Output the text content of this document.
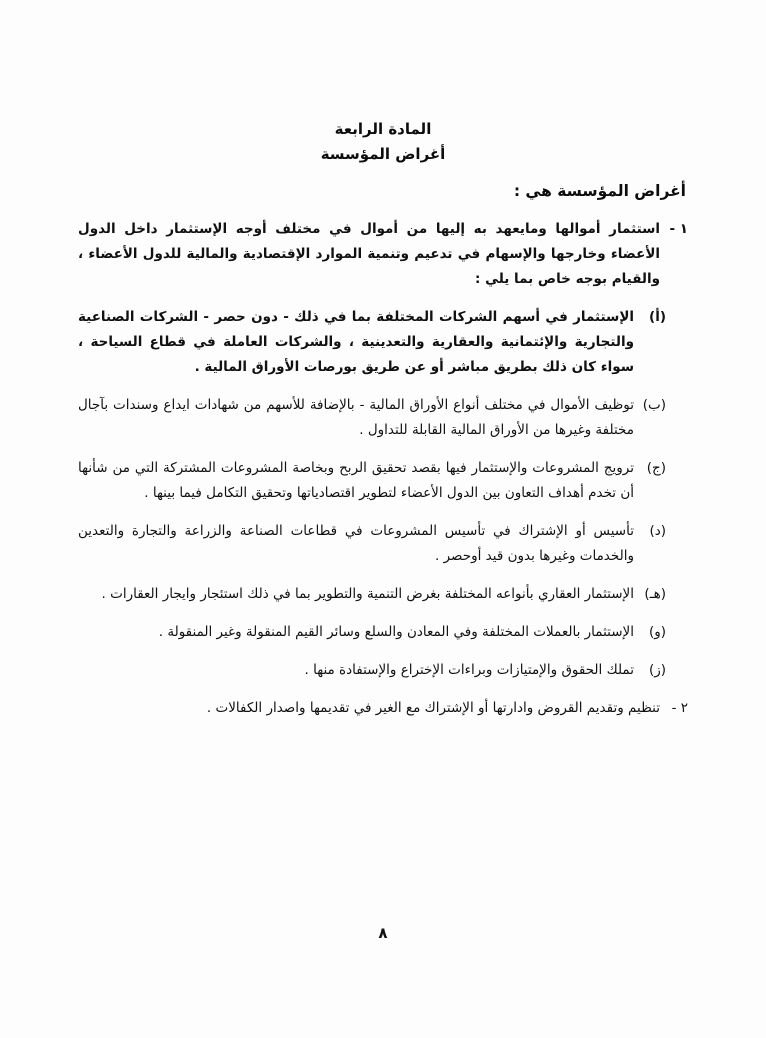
المادة الرابعة
أغراض المؤسسة
أغراض المؤسسة هي :
١ -
استثمار أموالها ومايعهد به إليها من أموال في مختلف أوجه الإستثمار داخل الدول الأعضاء وخارجها والإسهام في تدعيم وتنمية الموارد الإقتصادية والمالية للدول الأعضاء ، والقيام بوجه خاص بما يلي :
(أ)
الإستثمار في أسهم الشركات المختلفة بما في ذلك - دون حصر - الشركات الصناعية والتجارية والإئتمانية والعقارية والتعدينية ، والشركات العاملة في قطاع السياحة ، سواء كان ذلك بطريق مباشر أو عن طريق بورصات الأوراق المالية .
(ب)
توظيف الأموال في مختلف أنواع الأوراق المالية - بالإضافة للأسهم من شهادات ايداع وسندات بآجال مختلفة وغيرها من الأوراق المالية القابلة للتداول .
(ج)
ترويج المشروعات والإستثمار فيها بقصد تحقيق الربح وبخاصة المشروعات المشتركة التي من شأنها أن تخدم أهداف التعاون بين الدول الأعضاء لتطوير اقتصادياتها وتحقيق التكامل فيما بينها .
(د)
تأسيس أو الإشتراك في تأسيس المشروعات في قطاعات الصناعة والزراعة والتجارة والتعدين والخدمات وغيرها بدون قيد أوحصر .
(هـ)
الإستثمار العقاري بأنواعه المختلفة بغرض التنمية والتطوير بما في ذلك استئجار وايجار العقارات .
(و)
الإستثمار بالعملات المختلفة وفي المعادن والسلع وسائر القيم المنقولة وغير المنقولة .
(ز)
تملك الحقوق والإمتيازات وبراءات الإختراع والإستفادة منها .
٢ -
تنظيم وتقديم القروض وادارتها أو الإشتراك مع الغير في تقديمها واصدار الكفالات .
٨
